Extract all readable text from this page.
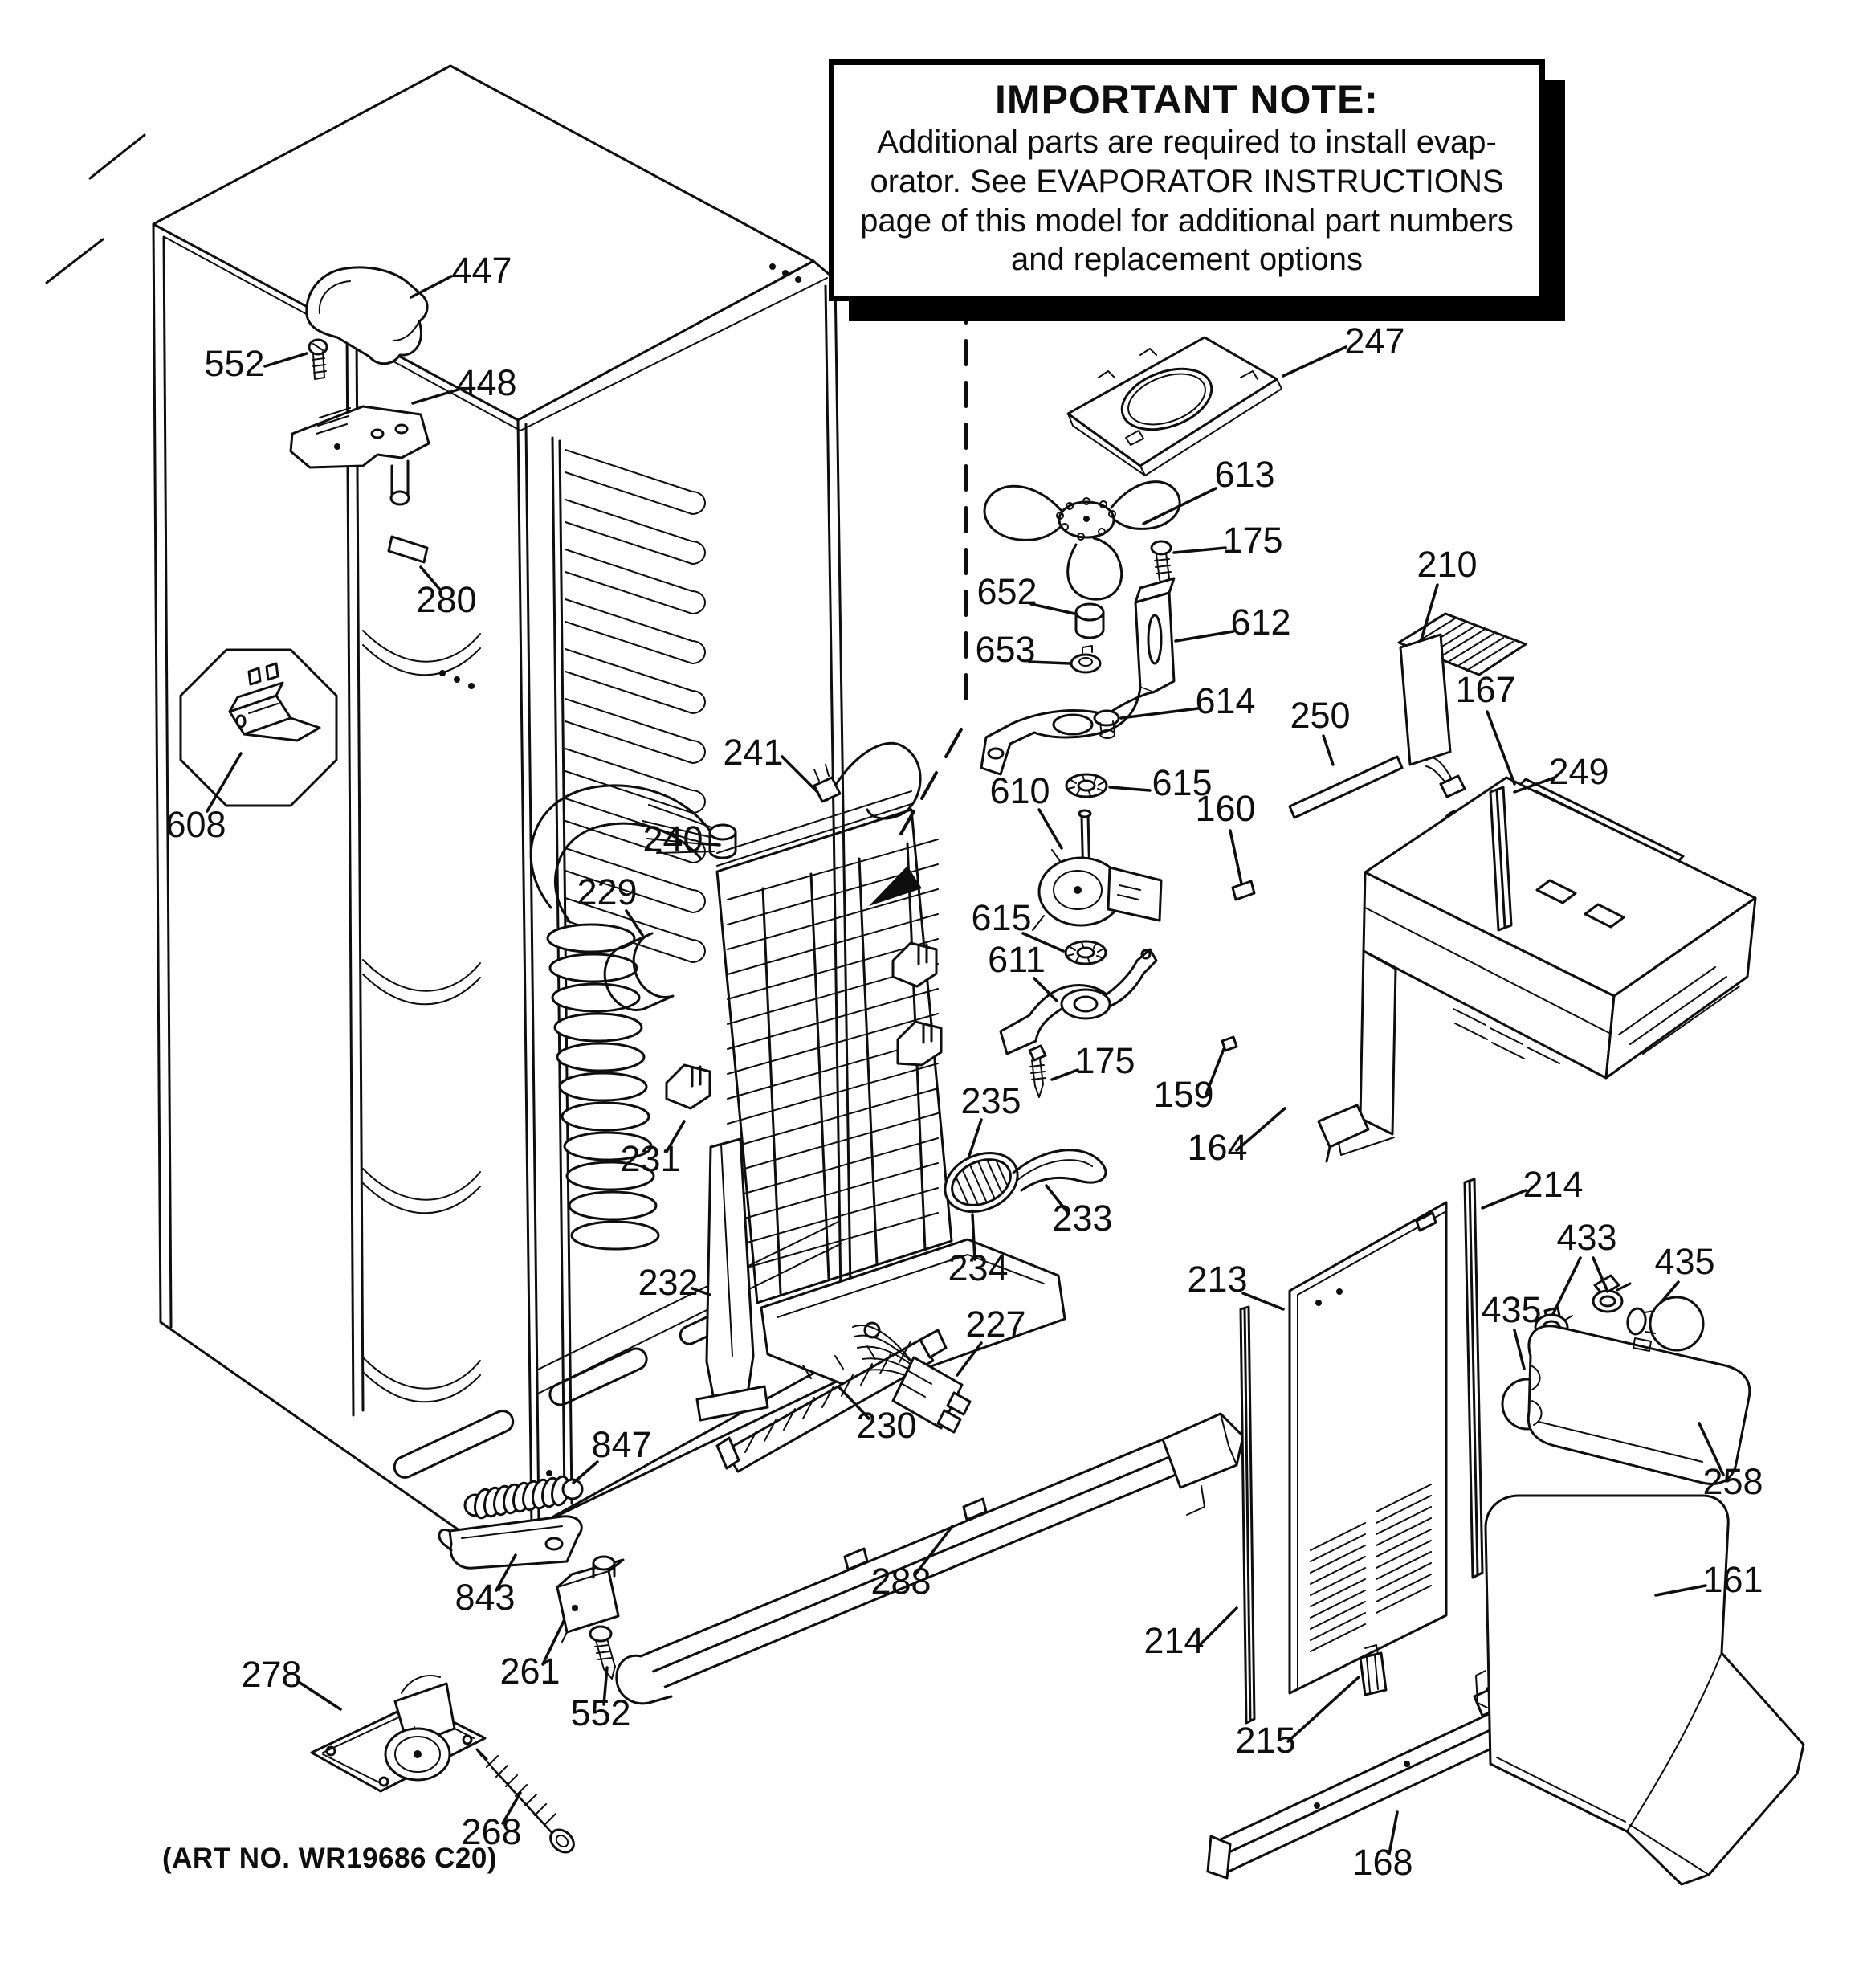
447
552	448
280
608
241
240
229
231
232
230
227
847
843
261
552
278
268
288
235
234
233
175
615
610
615
611
652
653
612
614
613
175
247
210
250
167
249
160
159
164
214
213
433
435
435
258
161
214
215
168
IMPORTANT NOTE:
Additional parts are required to install evap-
orator. See EVAPORATOR INSTRUCTIONS
page of this model for additional part numbers
and replacement options
(ART NO. WR19686 C20)
